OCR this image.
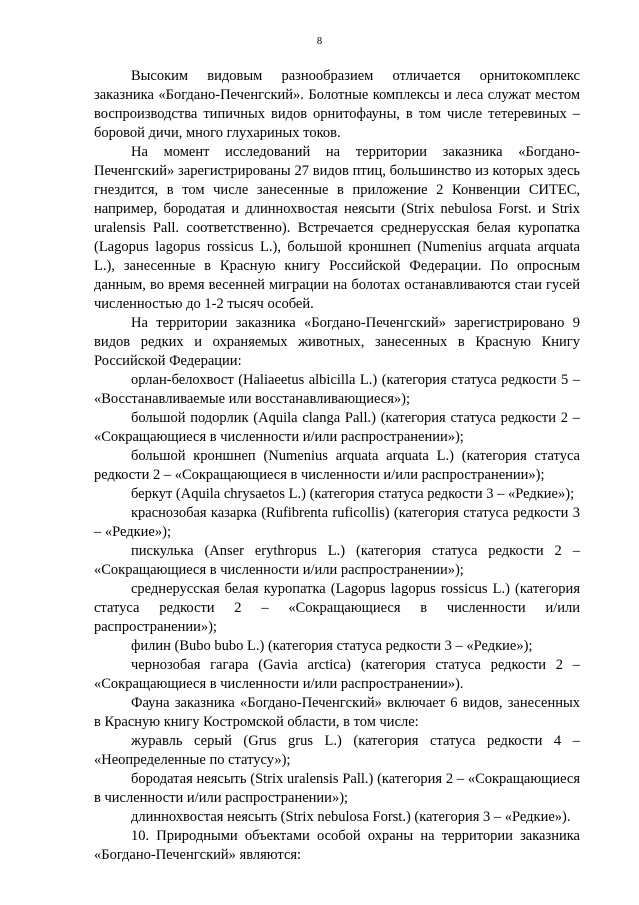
8

Высоким видовым разнообразием отличается орнитокомплекс заказника «Богдано-Печенгский». Болотные комплексы и леса служат местом воспроизводства типичных видов орнитофауны, в том числе тетеревиных – боровой дичи, много глухариных токов.

На момент исследований на территории заказника «Богдано-Печенгский» зарегистрированы 27 видов птиц, большинство из которых здесь гнездится, в том числе занесенные в приложение 2 Конвенции СИТЕС, например, бородатая и длиннохвостая неясыти (Strix nebulosa Forst. и Strix uralensis Pall. соответственно). Встречается среднерусская белая куропатка (Lagopus lagopus rossicus L.), большой кроншнеп (Numenius arquata arquata L.), занесенные в Красную книгу Российской Федерации. По опросным данным, во время весенней миграции на болотах останавливаются стаи гусей численностью до 1-2 тысяч особей.

На территории заказника «Богдано-Печенгский» зарегистрировано 9 видов редких и охраняемых животных, занесенных в Красную Книгу Российской Федерации:

орлан-белохвост (Haliaeetus albicilla L.) (категория статуса редкости 5 – «Восстанавливаемые или восстанавливающиеся»);

большой подорлик (Aquila clanga Pall.) (категория статуса редкости 2 – «Сокращающиеся в численности и/или распространении»);

большой кроншнеп (Numenius arquata arquata L.) (категория статуса редкости 2 – «Сокращающиеся в численности и/или распространении»);

беркут (Aquila chrysaetos L.) (категория статуса редкости 3 – «Редкие»);

краснозобая казарка (Rufibrenta ruficollis) (категория статуса редкости 3 – «Редкие»);

пискулька (Anser erythropus L.) (категория статуса редкости 2 – «Сокращающиеся в численности и/или распространении»);

среднерусская белая куропатка (Lagopus lagopus rossicus L.) (категория статуса редкости 2 – «Сокращающиеся в численности и/или распространении»);

филин (Bubo bubo L.) (категория статуса редкости 3 – «Редкие»);

чернозобая гагара (Gavia arctica) (категория статуса редкости 2 – «Сокращающиеся в численности и/или распространении»).

Фауна заказника «Богдано-Печенгский» включает 6 видов, занесенных в Красную книгу Костромской области, в том числе:

журавль серый (Grus grus L.) (категория статуса редкости 4 – «Неопределенные по статусу»);

бородатая неясыть (Strix uralensis Pall.) (категория 2 – «Сокращающиеся в численности и/или распространении»);

длиннохвостая неясыть (Strix nebulosa Forst.) (категория 3 – «Редкие»).

10. Природными объектами особой охраны на территории заказника «Богдано-Печенгский» являются:
